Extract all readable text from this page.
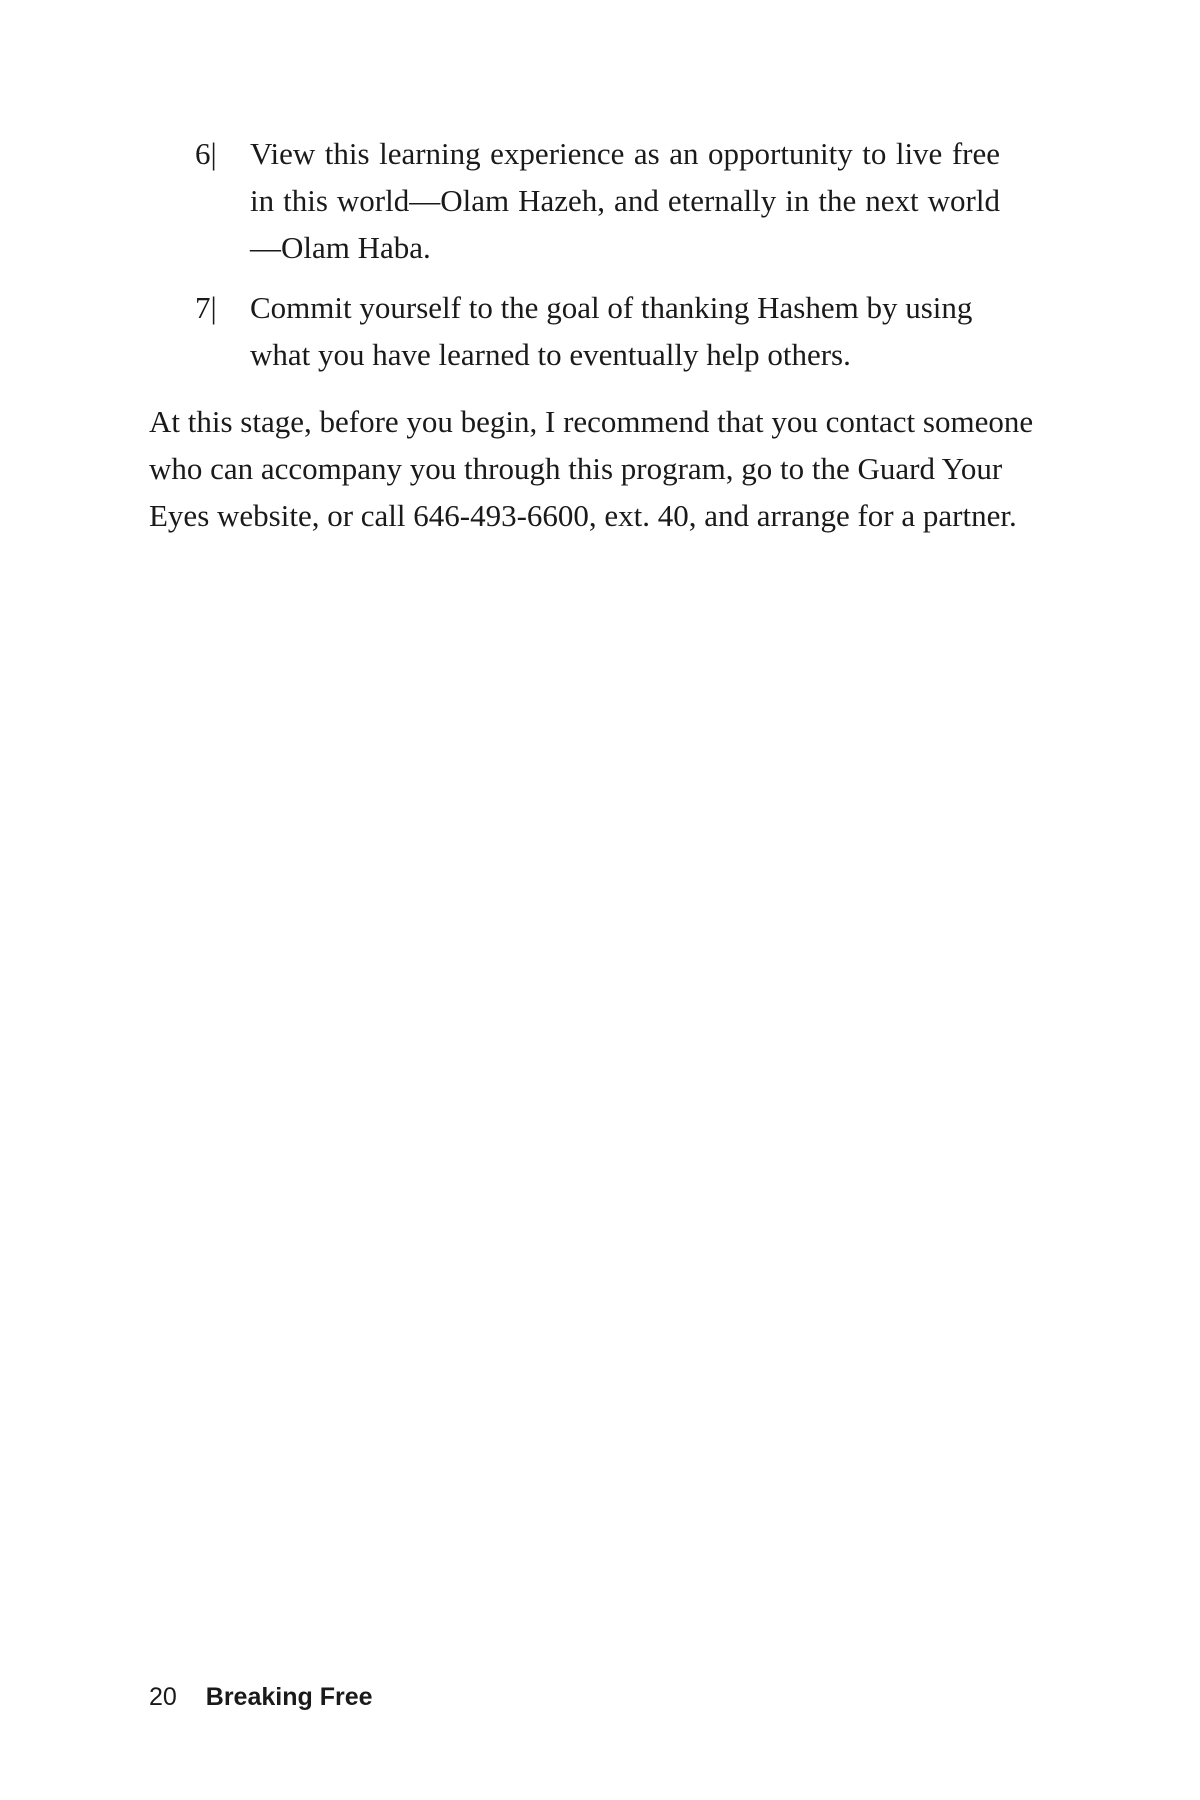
6| View this learning experience as an opportunity to live free in this world—Olam Hazeh, and eternally in the next world—Olam Haba.
7| Commit yourself to the goal of thanking Hashem by using what you have learned to eventually help others.

At this stage, before you begin, I recommend that you contact someone who can accompany you through this program, go to the Guard Your Eyes website, or call 646-493-6600, ext. 40, and arrange for a partner.

20 Breaking Free
